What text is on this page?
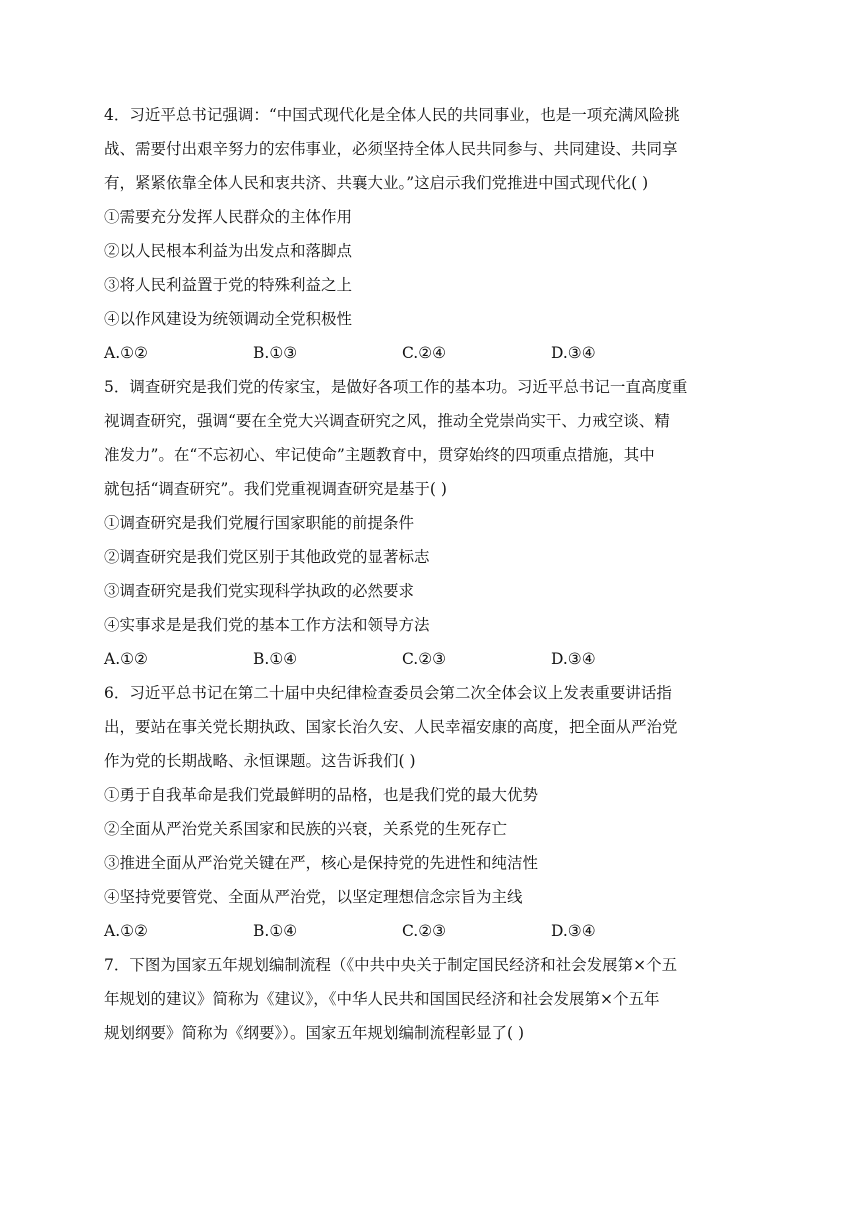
4．习近平总书记强调：“中国式现代化是全体人民的共同事业，也是一项充满风险挑
战、需要付出艰辛努力的宏伟事业，必须坚持全体人民共同参与、共同建设、共同享
有，紧紧依靠全体人民和衷共济、共襄大业。”这启示我们党推进中国式现代化( )
①需要充分发挥人民群众的主体作用
②以人民根本利益为出发点和落脚点
③将人民利益置于党的特殊利益之上
④以作风建设为统领调动全党积极性
A.①②	B.①③	C.②④	D.③④
5．调查研究是我们党的传家宝，是做好各项工作的基本功。习近平总书记一直高度重
视调查研究，强调“要在全党大兴调查研究之风，推动全党崇尚实干、力戒空谈、精
准发力”。在“不忘初心、牢记使命”主题教育中，贯穿始终的四项重点措施，其中
就包括“调查研究”。我们党重视调查研究是基于( )
①调查研究是我们党履行国家职能的前提条件
②调查研究是我们党区别于其他政党的显著标志
③调查研究是我们党实现科学执政的必然要求
④实事求是是我们党的基本工作方法和领导方法
A.①②	B.①④	C.②③	D.③④
6．习近平总书记在第二十届中央纪律检查委员会第二次全体会议上发表重要讲话指
出，要站在事关党长期执政、国家长治久安、人民幸福安康的高度，把全面从严治党
作为党的长期战略、永恒课题。这告诉我们( )
①勇于自我革命是我们党最鲜明的品格，也是我们党的最大优势
②全面从严治党关系国家和民族的兴衰，关系党的生死存亡
③推进全面从严治党关键在严，核心是保持党的先进性和纯洁性
④坚持党要管党、全面从严治党，以坚定理想信念宗旨为主线
A.①②	B.①④	C.②③	D.③④
7．下图为国家五年规划编制流程（《中共中央关于制定国民经济和社会发展第×个五
年规划的建议》简称为《建议》，《中华人民共和国国民经济和社会发展第×个五年
规划纲要》简称为《纲要》）。国家五年规划编制流程彰显了( )
